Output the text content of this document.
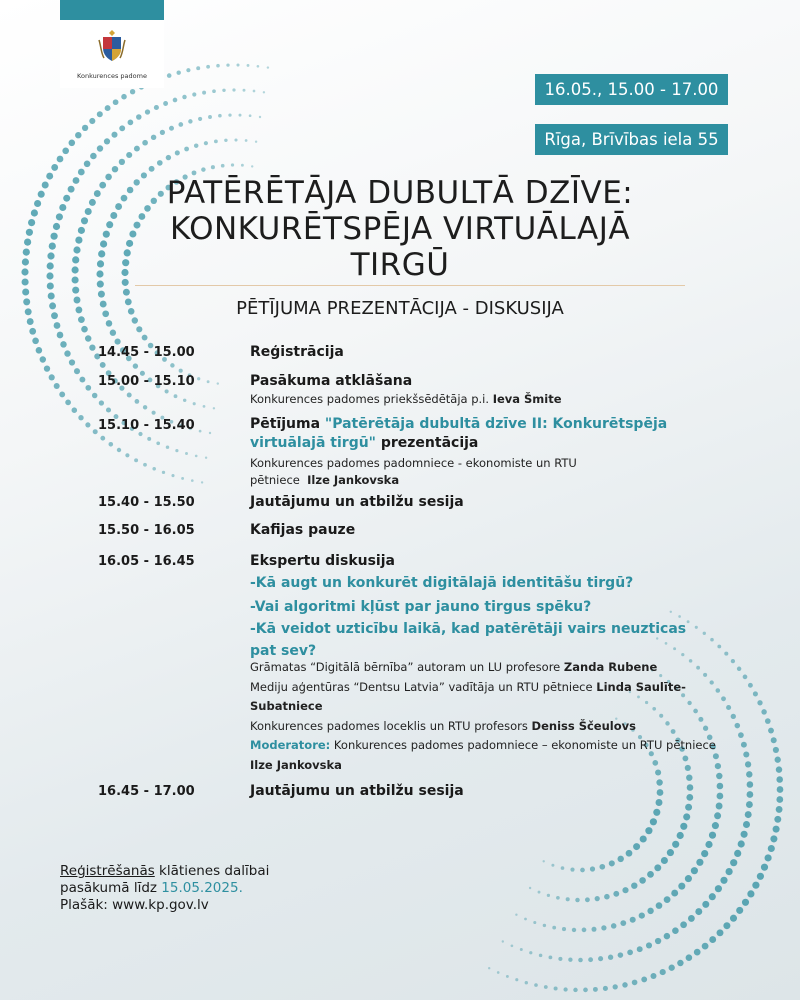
Konkurences padome
16.05., 15.00 - 17.00
Rīga, Brīvības iela 55
PATĒRĒTĀJA DUBULTĀ DZĪVE:
KONKURĒTSPĒJA VIRTUĀLAJĀ
TIRGŪ
PĒTĪJUMA PREZENTĀCIJA - DISKUSIJA
14.45 - 15.00	Reģistrācija
15.00 - 15.10	Pasākuma atklāšana
Konkurences padomes priekšsēdētāja p.i. Ieva Šmite
15.10 - 15.40	Pētījuma "Patērētāja dubultā dzīve II: Konkurētspēja
virtuālajā tirgū" prezentācija
Konkurences padomes padomniece - ekonomiste un RTU
pētniece  Ilze Jankovska
15.40 - 15.50	Jautājumu un atbilžu sesija
15.50 - 16.05	Kafijas pauze
16.05 - 16.45	Ekspertu diskusija
-Kā augt un konkurēt digitālajā identitāšu tirgū?
-Vai algoritmi kļūst par jauno tirgus spēku?
-Kā veidot uzticību laikā, kad patērētāji vairs neuzticas
pat sev?
Grāmatas “Digitālā bērnība” autoram un LU profesore Zanda Rubene
Mediju aģentūras “Dentsu Latvia” vadītāja un RTU pētniece Linda Saulīte-Subatniece
Konkurences padomes loceklis un RTU profesors Deniss Ščeulovs
Moderatore: Konkurences padomes padomniece – ekonomiste un RTU pētniece Ilze Jankovska
16.45 - 17.00	Jautājumu un atbilžu sesija
Reģistrēšanās klātienes dalībai
pasākumā līdz 15.05.2025.
Plašāk: www.kp.gov.lv
